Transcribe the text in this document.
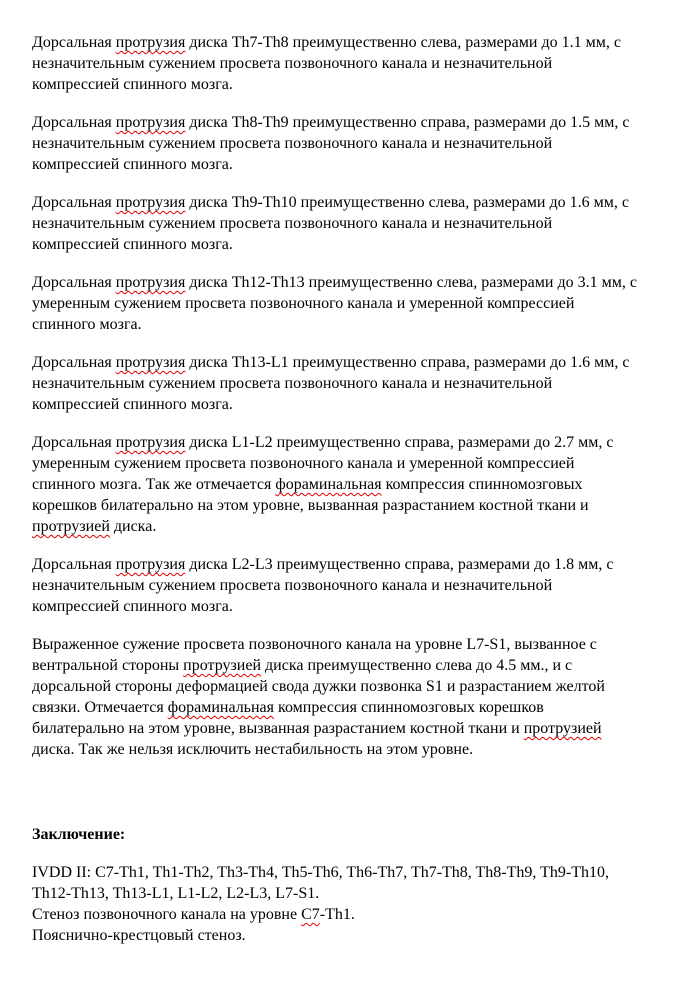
Дорсальная протрузия диска Th7-Th8 преимущественно слева, размерами до 1.1 мм, с незначительным сужением просвета позвоночного канала и незначительной компрессией спинного мозга.

Дорсальная протрузия диска Th8-Th9 преимущественно справа, размерами до 1.5 мм, с незначительным сужением просвета позвоночного канала и незначительной компрессией спинного мозга.

Дорсальная протрузия диска Th9-Th10 преимущественно слева, размерами до 1.6 мм, с незначительным сужением просвета позвоночного канала и незначительной компрессией спинного мозга.

Дорсальная протрузия диска Th12-Th13 преимущественно слева, размерами до 3.1 мм, с умеренным сужением просвета позвоночного канала и умеренной компрессией спинного мозга.

Дорсальная протрузия диска Th13-L1 преимущественно справа, размерами до 1.6 мм, с незначительным сужением просвета позвоночного канала и незначительной компрессией спинного мозга.

Дорсальная протрузия диска L1-L2 преимущественно справа, размерами до 2.7 мм, с умеренным сужением просвета позвоночного канала и умеренной компрессией спинного мозга. Так же отмечается фораминальная компрессия спинномозговых корешков билатерально на этом уровне, вызванная разрастанием костной ткани и протрузией диска.

Дорсальная протрузия диска L2-L3 преимущественно справа, размерами до 1.8 мм, с незначительным сужением просвета позвоночного канала и незначительной компрессией спинного мозга.

Выраженное сужение просвета позвоночного канала на уровне L7-S1, вызванное с вентральной стороны протрузией диска преимущественно слева до 4.5 мм., и с дорсальной стороны деформацией свода дужки позвонка S1 и разрастанием желтой связки. Отмечается фораминальная компрессия спинномозговых корешков билатерально на этом уровне, вызванная разрастанием костной ткани и протрузией диска. Так же нельзя исключить нестабильность на этом уровне.

Заключение:
IVDD II: C7-Th1, Th1-Th2, Th3-Th4, Th5-Th6, Th6-Th7, Th7-Th8, Th8-Th9, Th9-Th10, Th12-Th13, Th13-L1, L1-L2, L2-L3, L7-S1.
Стеноз позвоночного канала на уровне С7-Th1.
Пояснично-крестцовый стеноз.
